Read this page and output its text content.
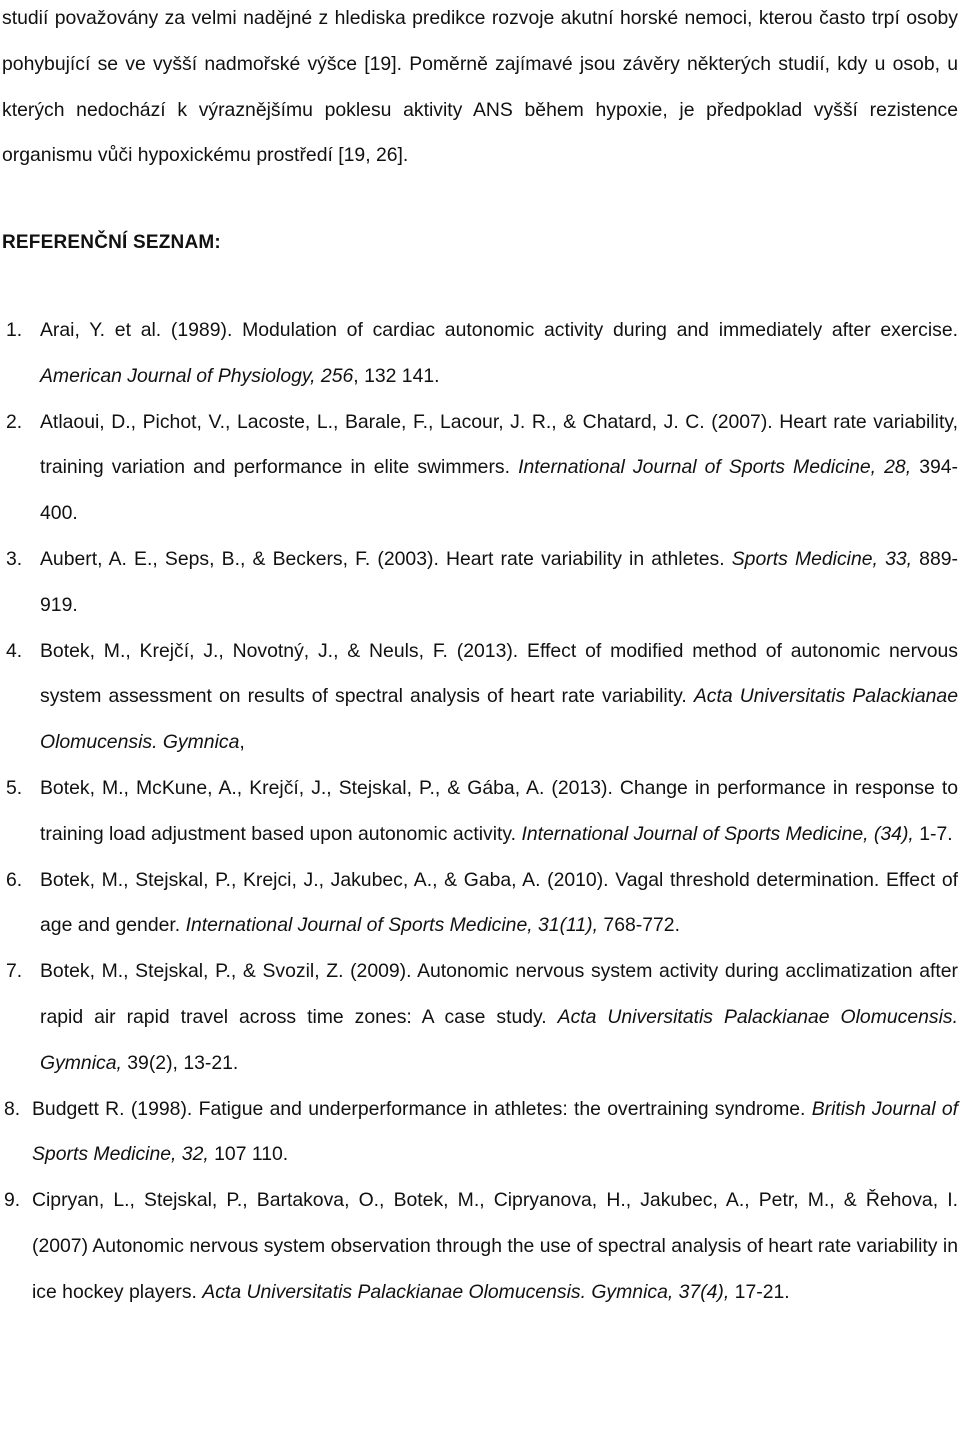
studií považovány za velmi nadějné z hlediska predikce rozvoje akutní horské nemoci, kterou často trpí osoby pohybující se ve vyšší nadmořské výšce [19]. Poměrně zajímavé jsou závěry některých studií, kdy u osob, u kterých nedochází k výraznějšímu poklesu aktivity ANS během hypoxie, je předpoklad vyšší rezistence organismu vůči hypoxickému prostředí [19, 26].

REFERENČNÍ SEZNAM:
1. Arai, Y. et al. (1989). Modulation of cardiac autonomic activity during and immediately after exercise. American Journal of Physiology, 256, 132 141.
2. Atlaoui, D., Pichot, V., Lacoste, L., Barale, F., Lacour, J. R., & Chatard, J. C. (2007). Heart rate variability, training variation and performance in elite swimmers. International Journal of Sports Medicine, 28, 394-400.
3. Aubert, A. E., Seps, B., & Beckers, F. (2003). Heart rate variability in athletes. Sports Medicine, 33, 889-919.
4. Botek, M., Krejčí, J., Novotný, J., & Neuls, F. (2013). Effect of modified method of autonomic nervous system assessment on results of spectral analysis of heart rate variability. Acta Universitatis Palackianae Olomucensis. Gymnica,
5. Botek, M., McKune, A., Krejčí, J., Stejskal, P., & Gába, A. (2013). Change in performance in response to training load adjustment based upon autonomic activity. International Journal of Sports Medicine, (34), 1-7.
6. Botek, M., Stejskal, P., Krejci, J., Jakubec, A., & Gaba, A. (2010). Vagal threshold determination. Effect of age and gender. International Journal of Sports Medicine, 31(11), 768-772.
7. Botek, M., Stejskal, P., & Svozil, Z. (2009). Autonomic nervous system activity during acclimatization after rapid air rapid travel across time zones: A case study. Acta Universitatis Palackianae Olomucensis. Gymnica, 39(2), 13-21.
8. Budgett R. (1998). Fatigue and underperformance in athletes: the overtraining syndrome. British Journal of Sports Medicine, 32, 107 110.
9. Cipryan, L., Stejskal, P., Bartakova, O., Botek, M., Cipryanova, H., Jakubec, A., Petr, M., & Řehova, I. (2007) Autonomic nervous system observation through the use of spectral analysis of heart rate variability in ice hockey players. Acta Universitatis Palackianae Olomucensis. Gymnica, 37(4), 17-21.
